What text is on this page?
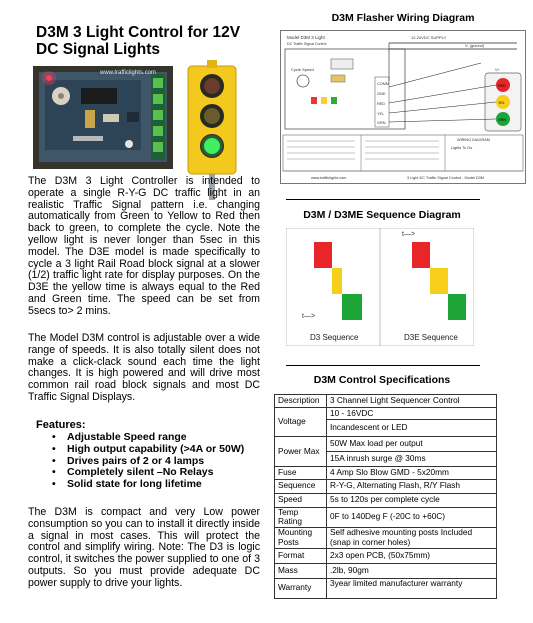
D3M 3 Light Control for 12V
DC Signal Lights
www.trafficlights.com
The D3M 3 Light Controller is intended to operate a single R-Y-G DC traffic light in an realistic Traffic Signal pattern i.e. changing automatically from Green to Yellow to Red then back to green, to complete the cycle. Note the yellow light is never longer than 5sec in this model. The D3E model is made specifically to cycle a 3 light Rail Road block signal at a slower (1/2) traffic light rate for display purposes. On the D3E the yellow time is always equal to the Red and Green time. The speed can be set from 5secs to> 2 mins.
The Model D3M control is adjustable over a wide range of speeds. It is also totally silent does not make a click-clack sound each time the light changes. It is high powered and will drive most common rail road block signals and most DC Traffic Signal Displays.
Features:
• Adjustable Speed range
• High output capability (>4A or 50W)
• Drives pairs of 2 or 4 lamps
• Completely silent –No Relays
• Solid state for long lifetime
The D3M is compact and very Low power consumption so you can to install it directly inside a signal in most cases. This will protect the control and simplify wiring. Note: The D3 is logic control, it switches the power supplied to one of 3 outputs. So you must provide adequate DC power supply to drive your lights.
D3M Flasher Wiring Diagram
Model D3M 3 Light
DC Traffic Signal Control
Cycle Speed
COMM
GND
RED
YEL
GRN
12-24VDC SUPPLY
V- (ground)
V+
RED
YEL
GRN
WIRING DIAGRAM
Lights To Go
www.trafficlights.com	3 Light DC Traffic Signal Control - Model D3M
D3M / D3ME Sequence Diagram
t—>
D3 Sequence
t—>
D3E Sequence
D3M Control Specifications
Description	3 Channel Light Sequencer Control
Voltage	10 - 16VDC
	Incandescent or LED
Power Max	50W Max load per output
	15A inrush surge @ 30ms
Fuse	4 Amp Slo Blow GMD - 5x20mm
Sequence	R-Y-G, Alternating Flash, R/Y Flash
Speed	5s to 120s per complete cycle
Temp Rating	0F to 140Deg F (-20C to +60C)
Mounting Posts	Self adhesive mounting posts Included (snap in corner holes)
Format	2x3 open PCB, (50x75mm)
Mass	.2lb, 90gm
Warranty	3year limited manufacturer warranty
